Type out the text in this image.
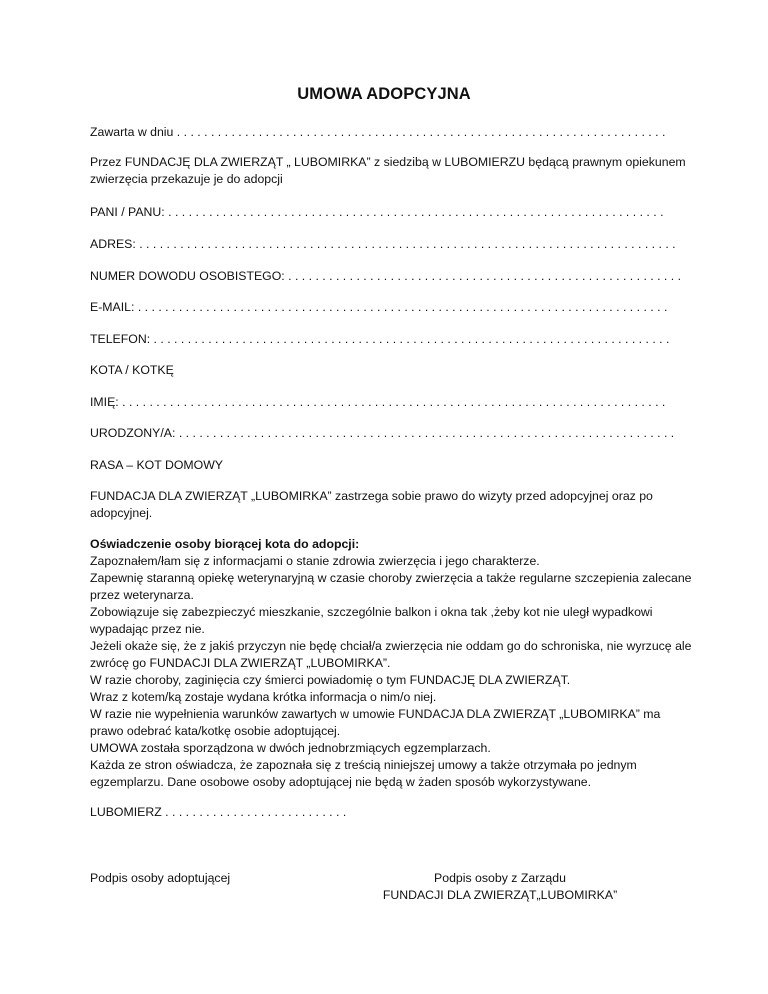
UMOWA ADOPCYJNA
Zawarta w dniu . . . . . . . . . . . . . . . . . . . . . . . . . . . . . . . . . . . . . . . . . . . . . . . . . . . . . . . . . . . . . . . . . . . . . . . .
Przez FUNDACJĘ DLA ZWIERZĄT „ LUBOMIRKA” z siedzibą w LUBOMIERZU będącą prawnym opiekunem zwierzęcia przekazuje je do adopcji
PANI / PANU: . . . . . . . . . . . . . . . . . . . . . . . . . . . . . . . . . . . . . . . . . . . . . . . . . . . . . . . . . . . . . . . . . . . . . . . . .
ADRES: . . . . . . . . . . . . . . . . . . . . . . . . . . . . . . . . . . . . . . . . . . . . . . . . . . . . . . . . . . . . . . . . . . . . . . . . . . . . . . .
NUMER DOWODU OSOBISTEGO: . . . . . . . . . . . . . . . . . . . . . . . . . . . . . . . . . . . . . . . . . . . . . . . . . . . . . . . . . .
E-MAIL: . . . . . . . . . . . . . . . . . . . . . . . . . . . . . . . . . . . . . . . . . . . . . . . . . . . . . . . . . . . . . . . . . . . . . . . . . . . . . .
TELEFON: . . . . . . . . . . . . . . . . . . . . . . . . . . . . . . . . . . . . . . . . . . . . . . . . . . . . . . . . . . . . . . . . . . . . . . . . . . . .
KOTA / KOTKĘ
IMIĘ: . . . . . . . . . . . . . . . . . . . . . . . . . . . . . . . . . . . . . . . . . . . . . . . . . . . . . . . . . . . . . . . . . . . . . . . . . . . . . . . .
URODZONY/A: . . . . . . . . . . . . . . . . . . . . . . . . . . . . . . . . . . . . . . . . . . . . . . . . . . . . . . . . . . . . . . . . . . . . . . . . .
RASA – KOT DOMOWY
FUNDACJA DLA ZWIERZĄT „LUBOMIRKA” zastrzega sobie prawo do wizyty przed adopcyjnej oraz po adopcyjnej.

Oświadczenie osoby biorącej kota do adopcji:

Zapoznałem/łam się z informacjami o stanie zdrowia zwierzęcia i jego charakterze.

Zapewnię staranną opiekę weterynaryjną w czasie choroby zwierzęcia a także regularne szczepienia zalecane przez weterynarza.

Zobowiązuje się zabezpieczyć mieszkanie, szczególnie balkon i okna tak ,żeby kot nie uległ wypadkowi wypadając przez nie.

Jeżeli okaże się, że z jakiś przyczyn nie będę chciał/a zwierzęcia nie oddam go do schroniska, nie wyrzucę ale zwrócę go FUNDACJI DLA ZWIERZĄT „LUBOMIRKA”.

W razie choroby, zaginięcia czy śmierci powiadomię o tym FUNDACJĘ DLA ZWIERZĄT.

Wraz z kotem/ką zostaje wydana krótka informacja o nim/o niej.

W razie nie wypełnienia warunków zawartych w umowie FUNDACJA DLA ZWIERZĄT „LUBOMIRKA” ma prawo odebrać kata/kotkę osobie adoptującej.

UMOWA została sporządzona w dwóch jednobrzmiących egzemplarzach.

Każda ze stron oświadcza, że zapoznała się z treścią niniejszej umowy a także otrzymała po jednym egzemplarzu. Dane osobowe osoby adoptującej nie będą w żaden sposób wykorzystywane.

LUBOMIERZ . . . . . . . . . . . . . . . . . . . . . . . . . . .
Podpis osoby adoptującej	Podpis osoby z Zarządu
FUNDACJI DLA ZWIERZĄT„LUBOMIRKA”
